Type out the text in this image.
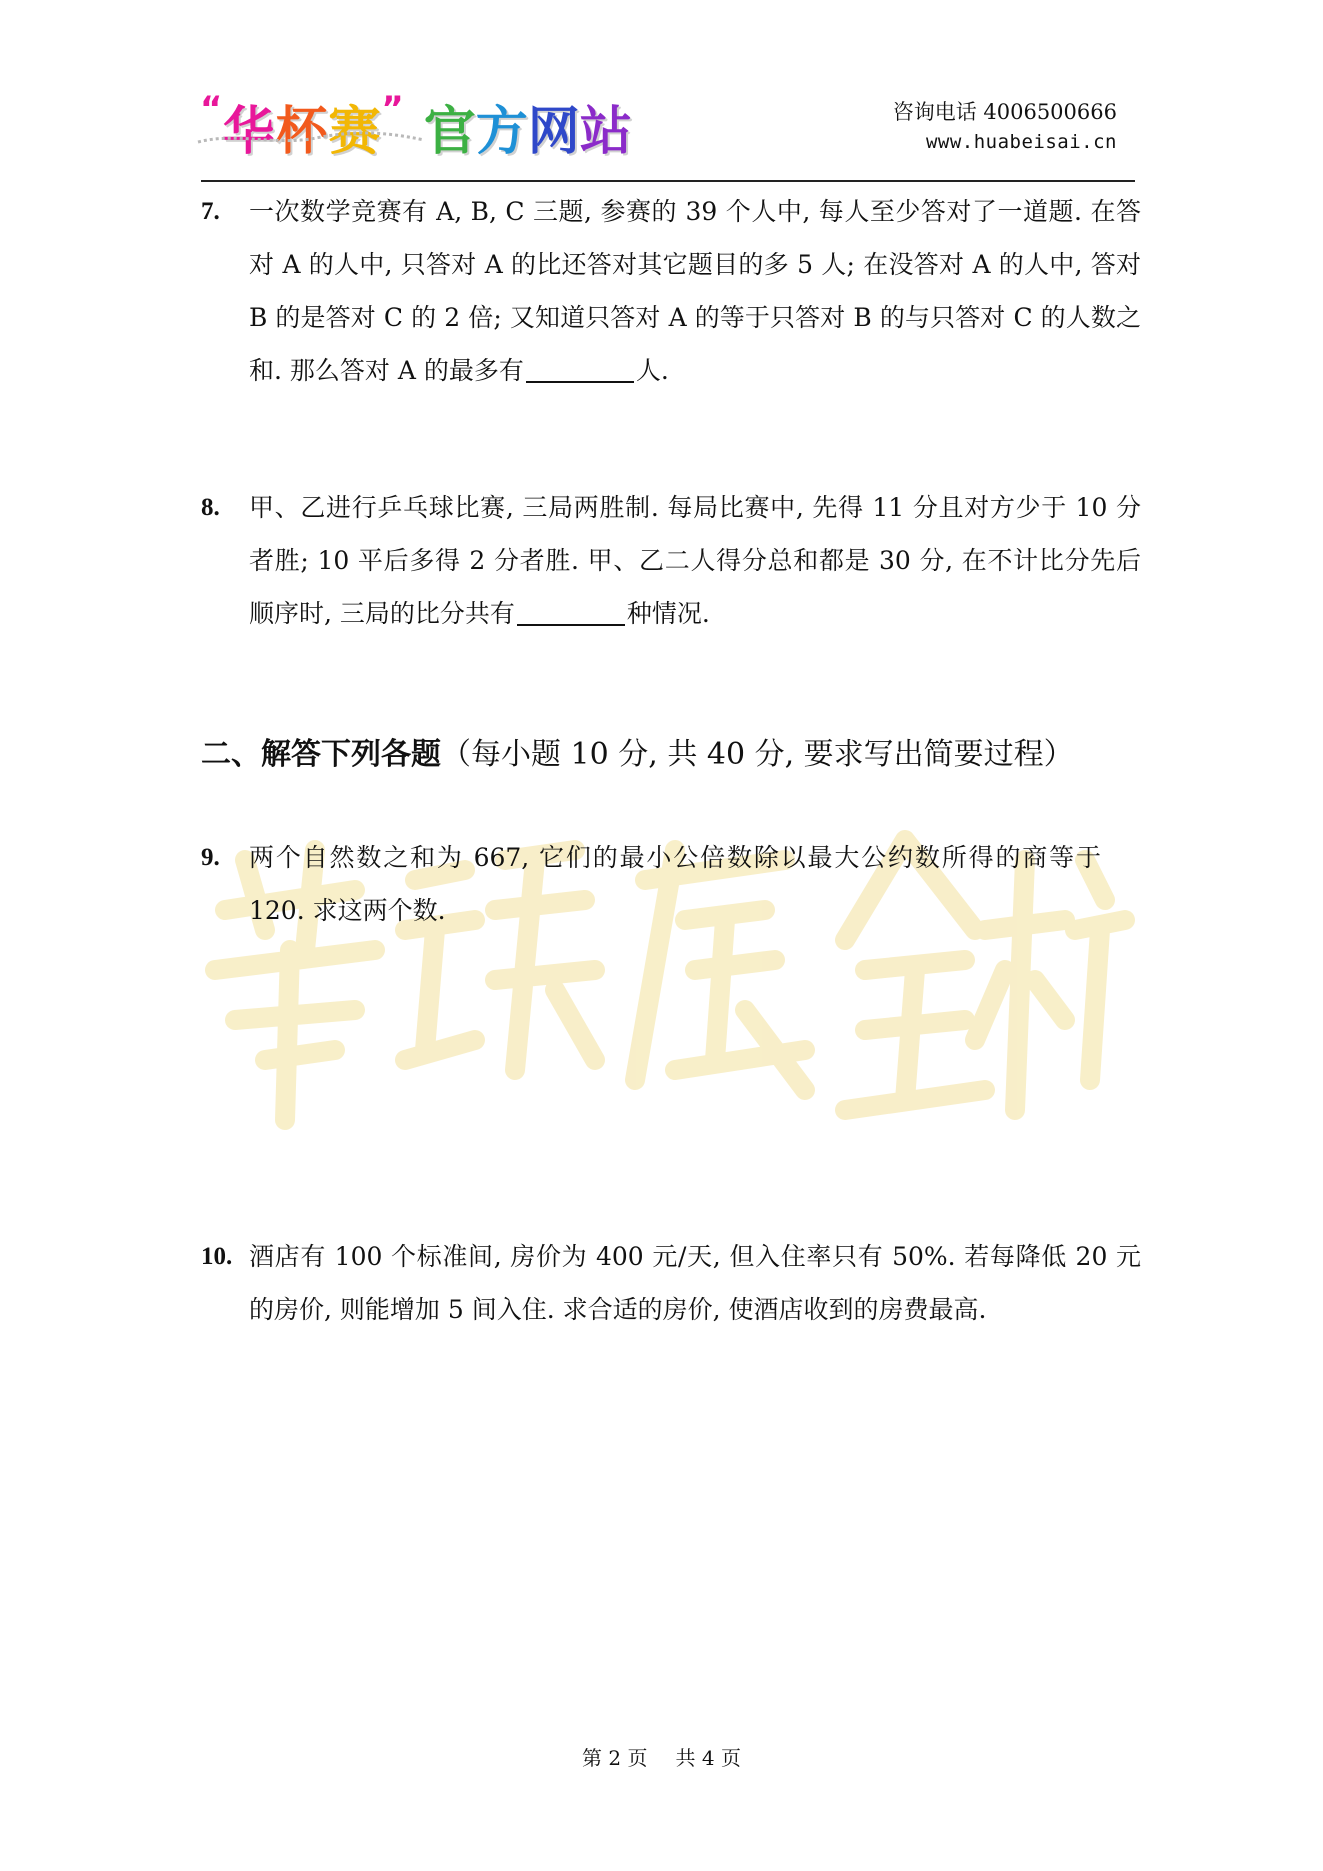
“ 华杯赛 ” 官方网站	咨询电话 4006500666
www.huabeisai.cn
7. 一次数学竞赛有 A, B, C 三题, 参赛的 39 个人中, 每人至少答对了一道题. 在答对 A 的人中, 只答对 A 的比还答对其它题目的多 5 人; 在没答对 A 的人中, 答对 B 的是答对 C 的 2 倍; 又知道只答对 A 的等于只答对 B 的与只答对 C 的人数之和. 那么答对 A 的最多有	人.
8. 甲、乙进行乒乓球比赛, 三局两胜制. 每局比赛中, 先得 11 分且对方少于 10 分者胜; 10 平后多得 2 分者胜. 甲、乙二人得分总和都是 30 分, 在不计比分先后顺序时, 三局的比分共有	种情况.
二、解答下列各题（每小题 10 分, 共 40 分, 要求写出简要过程）
9. 两个自然数之和为 667, 它们的最小公倍数除以最大公约数所得的商等于 120. 求这两个数.
10. 酒店有 100 个标准间, 房价为 400 元/天, 但入住率只有 50%. 若每降低 20 元的房价, 则能增加 5 间入住. 求合适的房价, 使酒店收到的房费最高.
第 2 页 共 4 页
